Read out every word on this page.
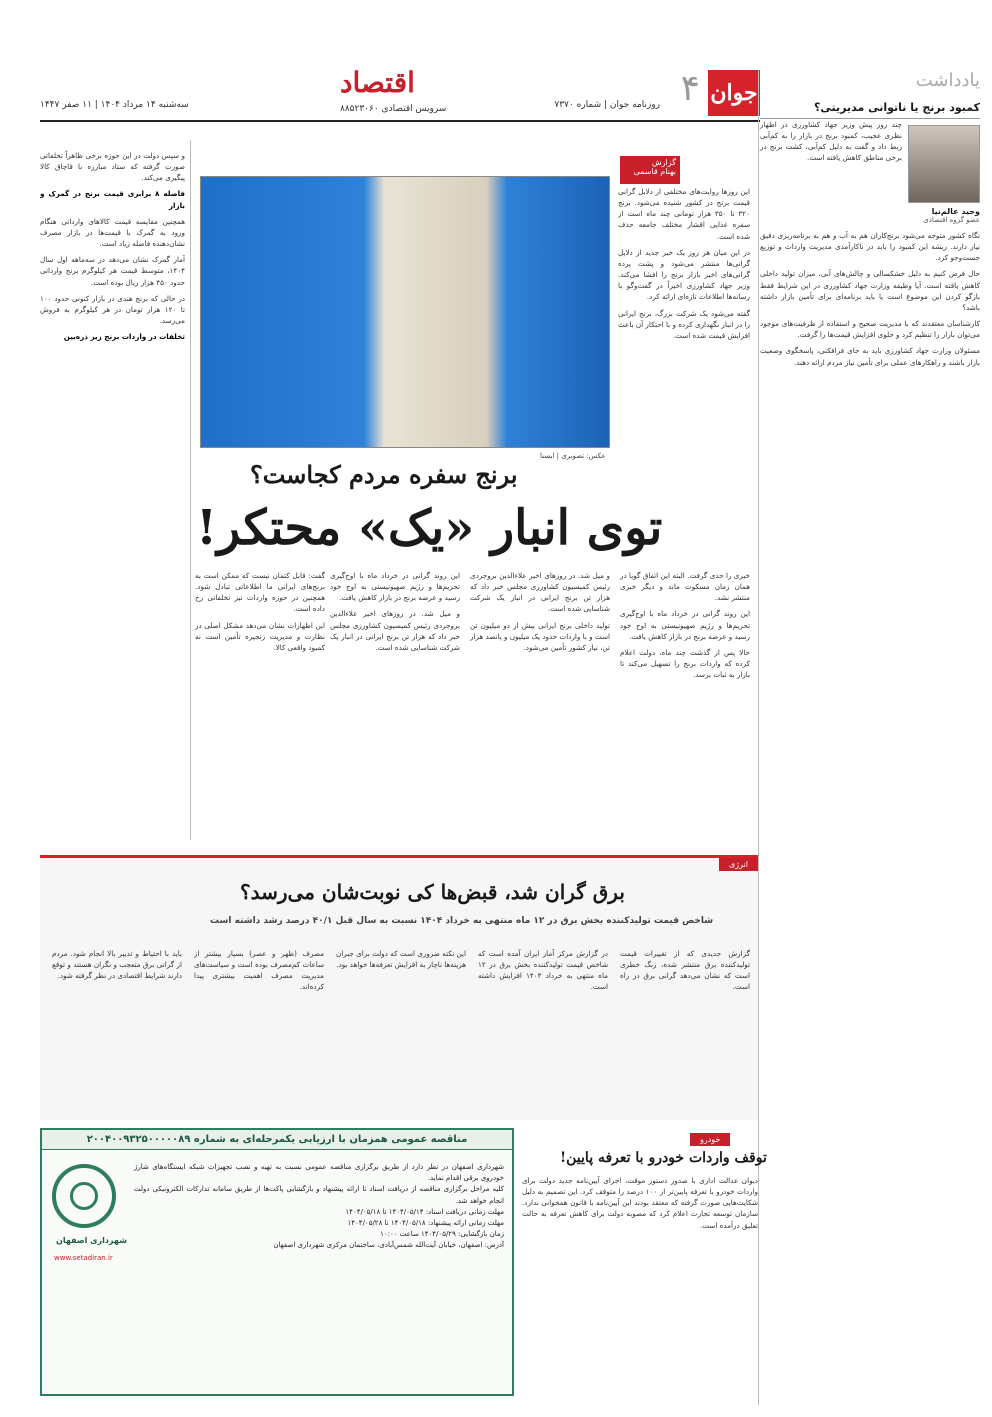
جوان
۴
روزنامه جوان | شماره ۷۳۷۰
اقتصاد
سرویس اقتصادی ۸۸۵۲۳۰۶۰
سه‌شنبه ۱۴ مرداد ۱۴۰۴ | ۱۱ صفر ۱۴۴۷
یادداشت
کمبود برنج یا ناتوانی مدیریتی؟

چند روز پیش وزیر جهاد کشاورزی در اظهار نظری عجیب، کمبود برنج در بازار را به کم‌آبی ربط داد و گفت به دلیل کم‌آبی، کشت برنج در برخی مناطق کاهش یافته است.

وحید عالم‌نیا
عضو گروه اقتصادی

نگاه کشور متوجه می‌شود برنج‌کاران هم به آب و هم به برنامه‌ریزی دقیق نیاز دارند. ریشه این کمبود را باید در ناکارآمدی مدیریت واردات و توزیع جست‌وجو کرد.

حال فرض کنیم به دلیل خشکسالی و چالش‌های آبی، میزان تولید داخلی کاهش یافته است. آیا وظیفه وزارت جهاد کشاورزی در این شرایط فقط بازگو کردن این موضوع است یا باید برنامه‌ای برای تأمین بازار داشته باشد؟

کارشناسان معتقدند که با مدیریت صحیح و استفاده از ظرفیت‌های موجود می‌توان بازار را تنظیم کرد و جلوی افزایش قیمت‌ها را گرفت.

مسئولان وزارت جهاد کشاورزی باید به جای فرافکنی، پاسخگوی وضعیت بازار باشند و راهکارهای عملی برای تأمین نیاز مردم ارائه دهند.

گزارش
بهنام قاسمی

این روزها روایت‌های مختلفی از دلایل گرانی قیمت برنج در کشور شنیده می‌شود. برنج ۳۲۰ تا ۳۵۰ هزار تومانی چند ماه است از سفره غذایی اقشار مختلف جامعه حذف شده است.

در این میان هر روز یک خبر جدید از دلایل گرانی‌ها منتشر می‌شود و پشت پرده گرانی‌های اخیر بازار برنج را افشا می‌کند. وزیر جهاد کشاورزی اخیراً در گفت‌وگو با رسانه‌ها اطلاعات تازه‌ای ارائه کرد.

گفته می‌شود یک شرکت بزرگ، برنج ایرانی را در انبار نگهداری کرده و با احتکار آن باعث افزایش قیمت شده است.

عکس: تصویری | ایسنا
برنج سفره مردم کجاست؟
توی انبار «یک» محتکر!

خبری را جدی گرفت. البته این اتفاق گویا در همان زمان مسکوت ماند و دیگر خبری منتشر نشد.

این روند گرانی در خرداد ماه با اوج‌گیری تحریم‌ها و رژیم صهیونیستی به اوج خود رسید و عرضه برنج در بازار کاهش یافت.

حالا پس از گذشت چند ماه، دولت اعلام کرده که واردات برنج را تسهیل می‌کند تا بازار به ثبات برسد.

و میل شد. در روزهای اخیر علاءالدین بروجردی رئیس کمیسیون کشاورزی مجلس خبر داد که هزار تن برنج ایرانی در انبار یک شرکت شناسایی شده است.

تولید داخلی برنج ایرانی بیش از دو میلیون تن است و با واردات حدود یک میلیون و پانصد هزار تن، نیاز کشور تأمین می‌شود.

این روند گرانی در خرداد ماه با اوج‌گیری تحریم‌ها و رژیم صهیونیستی به اوج خود رسید و عرضه برنج در بازار کاهش یافت.

و میل شد. در روزهای اخیر علاءالدین بروجردی رئیس کمیسیون کشاورزی مجلس خبر داد که هزار تن برنج ایرانی در انبار یک شرکت شناسایی شده است.

گفت: قابل کتمان نیست که ممکن است به برنج‌های ایرانی ما اطلاعاتی تبادل شود. همچنین در حوزه واردات نیز تخلفاتی رخ داده است.

این اظهارات نشان می‌دهد مشکل اصلی در نظارت و مدیریت زنجیره تأمین است نه کمبود واقعی کالا.

و سپس دولت در این حوزه برخی ظاهراً تخلفاتی صورت گرفته که ستاد مبارزه با قاچاق کالا پیگیری می‌کند.

فاصله ۸ برابری قیمت برنج در گمرک و بازار

همچنین مقایسه قیمت کالاهای وارداتی هنگام ورود به گمرک با قیمت‌ها در بازار مصرف نشان‌دهنده فاصله زیاد است.

آمار گمرک نشان می‌دهد در سه‌ماهه اول سال ۱۴۰۴، متوسط قیمت هر کیلوگرم برنج وارداتی حدود ۴۵۰ هزار ریال بوده است.

در حالی که برنج هندی در بازار کنونی حدود ۱۰۰ تا ۱۲۰ هزار تومان در هر کیلوگرم به فروش می‌رسد.

تخلفات در واردات برنج زیر ذره‌بین

انرژی
برق گران شد، قبض‌ها کی نوبت‌شان می‌رسد؟
شاخص قیمت تولیدکننده بخش برق در ۱۲ ماه منتهی به خرداد ۱۴۰۴ نسبت به سال قبل ۴۰/۱ درصد رشد داشته است
گزارش جدیدی که از تغییرات قیمت تولیدکننده برق منتشر شده، زنگ خطری است که نشان می‌دهد گرانی برق در راه است.
در گزارش مرکز آمار ایران آمده است که شاخص قیمت تولیدکننده بخش برق در ۱۲ ماه منتهی به خرداد ۱۴۰۴ افزایش داشته است.
این نکته ضروری است که دولت برای جبران هزینه‌ها ناچار به افزایش تعرفه‌ها خواهد بود.
مصرف (ظهر و عصر) بسیار بیشتر از ساعات کم‌مصرف بوده است و سیاست‌های مدیریت مصرف اهمیت بیشتری پیدا کرده‌اند.
باید با احتیاط و تدبیر بالا انجام شود. مردم از گرانی برق متعجب و نگران هستند و توقع دارند شرایط اقتصادی در نظر گرفته شود.
خودرو
توقف واردات خودرو با تعرفه پایین!
دیوان عدالت اداری با صدور دستور موقت، اجرای آیین‌نامه جدید دولت برای واردات خودرو با تعرفه پایین‌تر از ۱۰۰ درصد را متوقف کرد. این تصمیم به دلیل شکایت‌هایی صورت گرفته که معتقد بودند این آیین‌نامه با قانون همخوانی ندارد. سازمان توسعه تجارت اعلام کرد که مصوبه دولت برای کاهش تعرفه به حالت تعلیق درآمده است.
مناقصه عمومی همزمان با ارزیابی یکمرحله‌ای به شماره ۲۰۰۴۰۰۹۳۲۵۰۰۰۰۰۸۹
شهرداری اصفهان
www.setadiran.ir

شهرداری اصفهان در نظر دارد از طریق برگزاری مناقصه عمومی نسبت به تهیه و نصب تجهیزات شبکه ایستگاه‌های شارژ خودروی برقی اقدام نماید.

کلیه مراحل برگزاری مناقصه از دریافت اسناد تا ارائه پیشنهاد و بازگشایی پاکت‌ها از طریق سامانه تدارکات الکترونیکی دولت انجام خواهد شد.

مهلت زمانی دریافت اسناد: ۱۴۰۴/۰۵/۱۴ تا ۱۴۰۴/۰۵/۱۸

مهلت زمانی ارائه پیشنهاد: ۱۴۰۴/۰۵/۱۸ تا ۱۴۰۴/۰۵/۲۸

زمان بازگشایی: ۱۴۰۴/۰۵/۲۹ ساعت ۱۰:۰۰

آدرس: اصفهان، خیابان آیت‌الله شمس‌آبادی، ساختمان مرکزی شهرداری اصفهان
